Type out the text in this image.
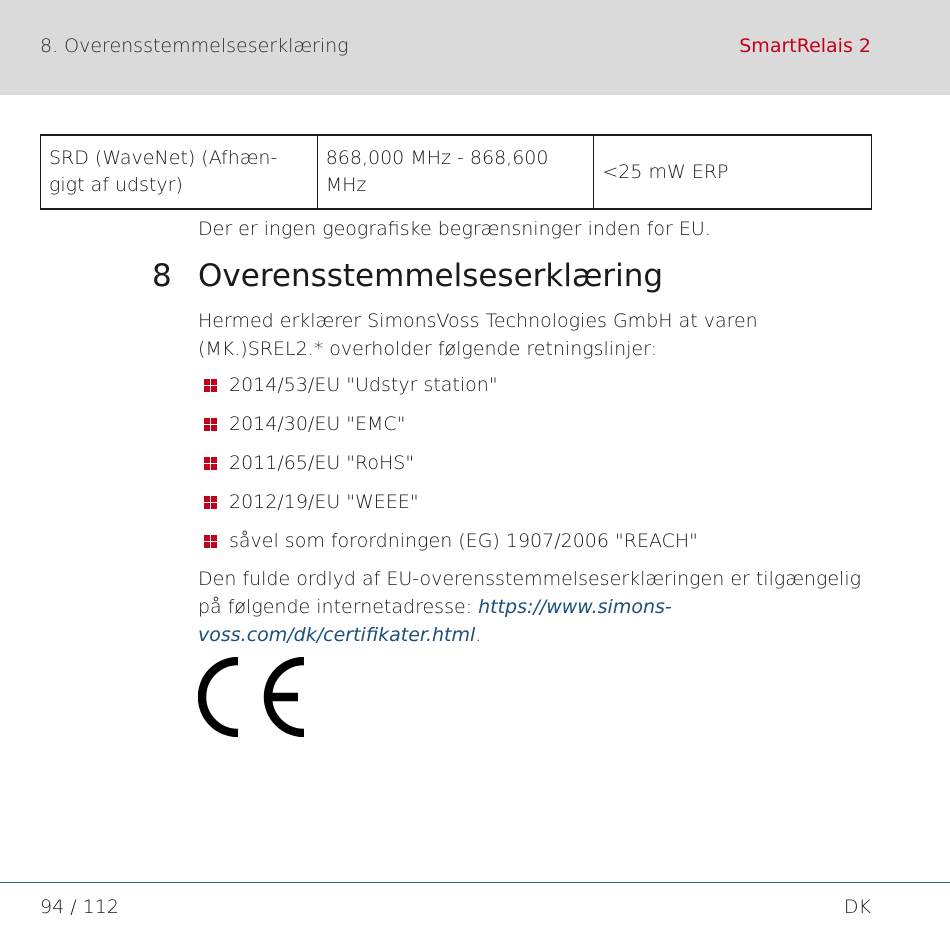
8. Overensstemmelseserklæring	SmartRelais 2
SRD (WaveNet) (Afhæn-gigt af udstyr)	868,000 MHz - 868,600 MHz	<25 mW ERP
Der er ingen geografiske begrænsninger inden for EU.
8 Overensstemmelseserklæring
Hermed erklærer SimonsVoss Technologies GmbH at varen (MK.)SREL2.* overholder følgende retningslinjer:
2014/53/EU "Udstyr station"
2014/30/EU "EMC"
2011/65/EU "RoHS"
2012/19/EU "WEEE"
såvel som forordningen (EG) 1907/2006 "REACH"
Den fulde ordlyd af EU-overensstemmelseserklæringen er tilgængelig på følgende internetadresse: https://www.simons-voss.com/dk/certifikater.html.
94 / 112	DK
